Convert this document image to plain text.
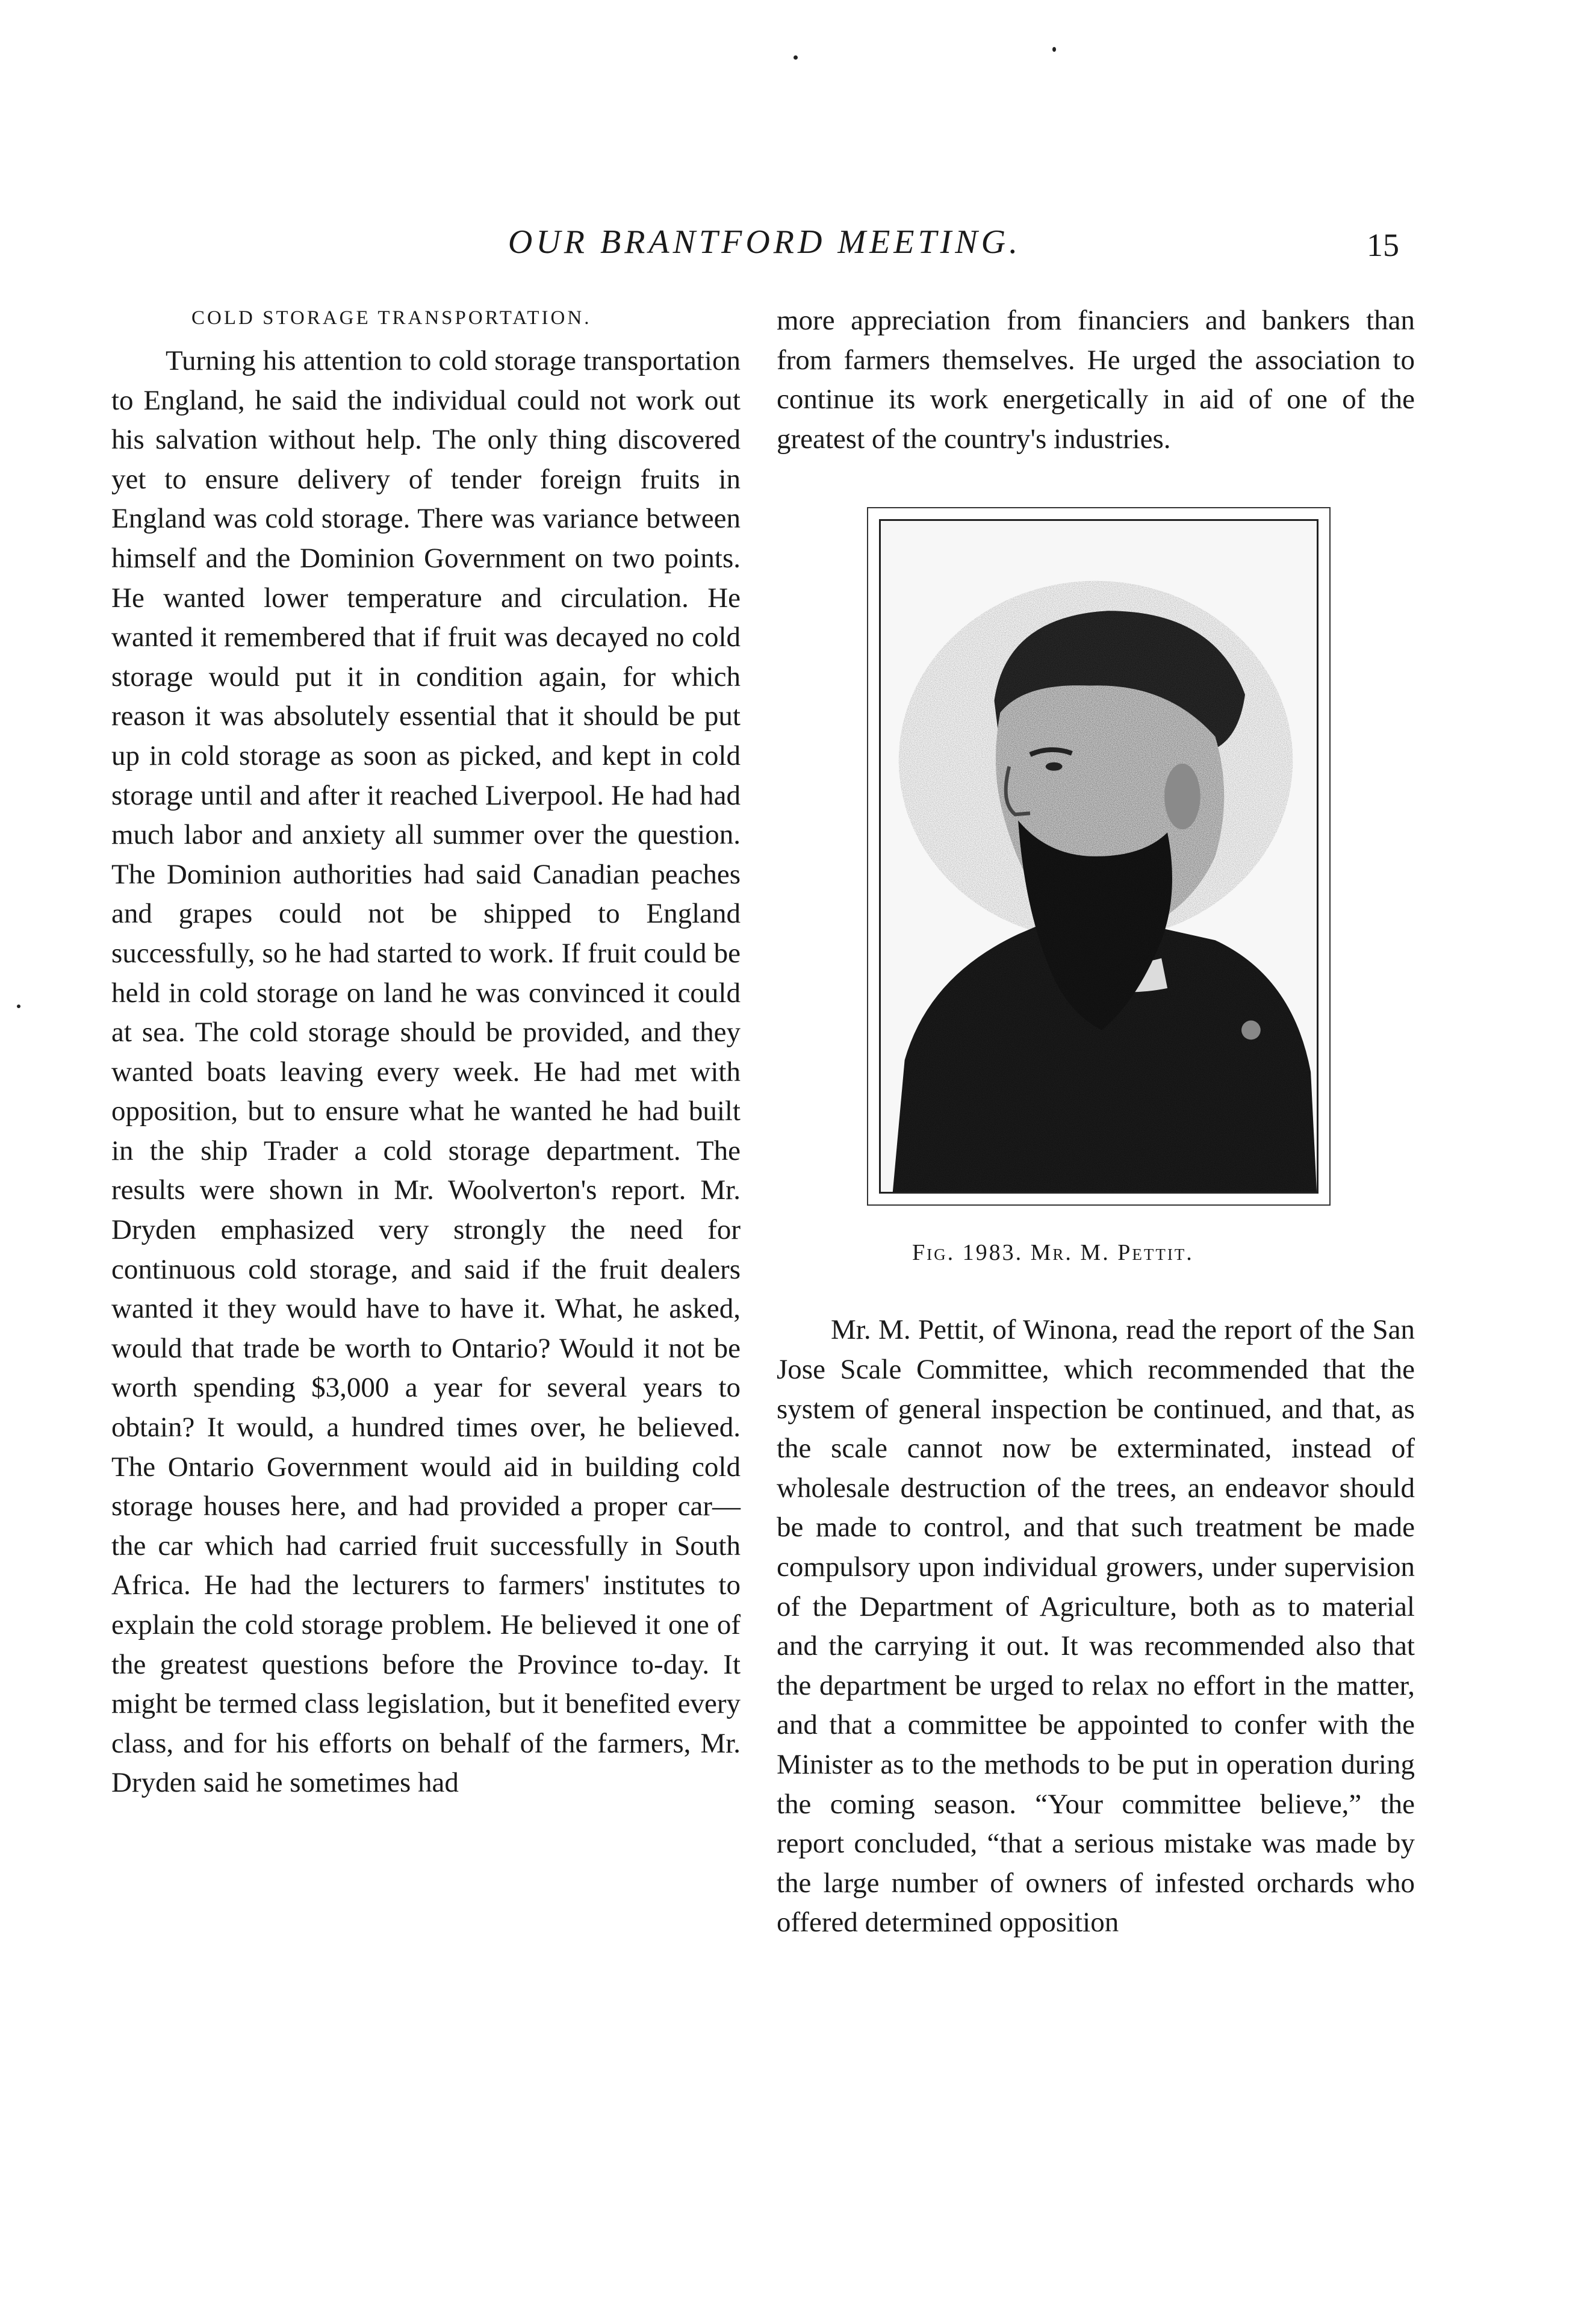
OUR BRANTFORD MEETING.	15
COLD STORAGE TRANSPORTATION.

Turning his attention to cold storage transportation to England, he said the individual could not work out his salvation without help. The only thing discovered yet to ensure delivery of tender foreign fruits in England was cold storage. There was variance between himself and the Dominion Government on two points. He wanted lower temperature and circulation. He wanted it remembered that if fruit was decayed no cold storage would put it in condition again, for which reason it was absolutely essential that it should be put up in cold storage as soon as picked, and kept in cold storage until and after it reached Liverpool. He had had much labor and anxiety all summer over the question. The Dominion authorities had said Canadian peaches and grapes could not be shipped to England successfully, so he had started to work. If fruit could be held in cold storage on land he was convinced it could at sea. The cold storage should be provided, and they wanted boats leaving every week. He had met with opposition, but to ensure what he wanted he had built in the ship Trader a cold storage department. The results were shown in Mr. Woolverton's report. Mr. Dryden emphasized very strongly the need for continuous cold storage, and said if the fruit dealers wanted it they would have to have it. What, he asked, would that trade be worth to Ontario? Would it not be worth spending $3,000 a year for several years to obtain? It would, a hundred times over, he believed. The Ontario Government would aid in building cold storage houses here, and had provided a proper car—the car which had carried fruit successfully in South Africa. He had the lecturers to farmers' institutes to explain the cold storage problem. He believed it one of the greatest questions before the Province to-day. It might be termed class legislation, but it benefited every class, and for his efforts on behalf of the farmers, Mr. Dryden said he sometimes had

more appreciation from financiers and bankers than from farmers themselves. He urged the association to continue its work energetically in aid of one of the greatest of the country's industries.

Fig. 1983. Mr. M. Pettit.

Mr. M. Pettit, of Winona, read the report of the San Jose Scale Committee, which recommended that the system of general inspection be continued, and that, as the scale cannot now be exterminated, instead of wholesale destruction of the trees, an endeavor should be made to control, and that such treatment be made compulsory upon individual growers, under supervision of the Department of Agriculture, both as to material and the carrying it out. It was recommended also that the department be urged to relax no effort in the matter, and that a committee be appointed to confer with the Minister as to the methods to be put in operation during the coming season. “Your committee believe,” the report concluded, “that a serious mistake was made by the large number of owners of infested orchards who offered determined opposition
